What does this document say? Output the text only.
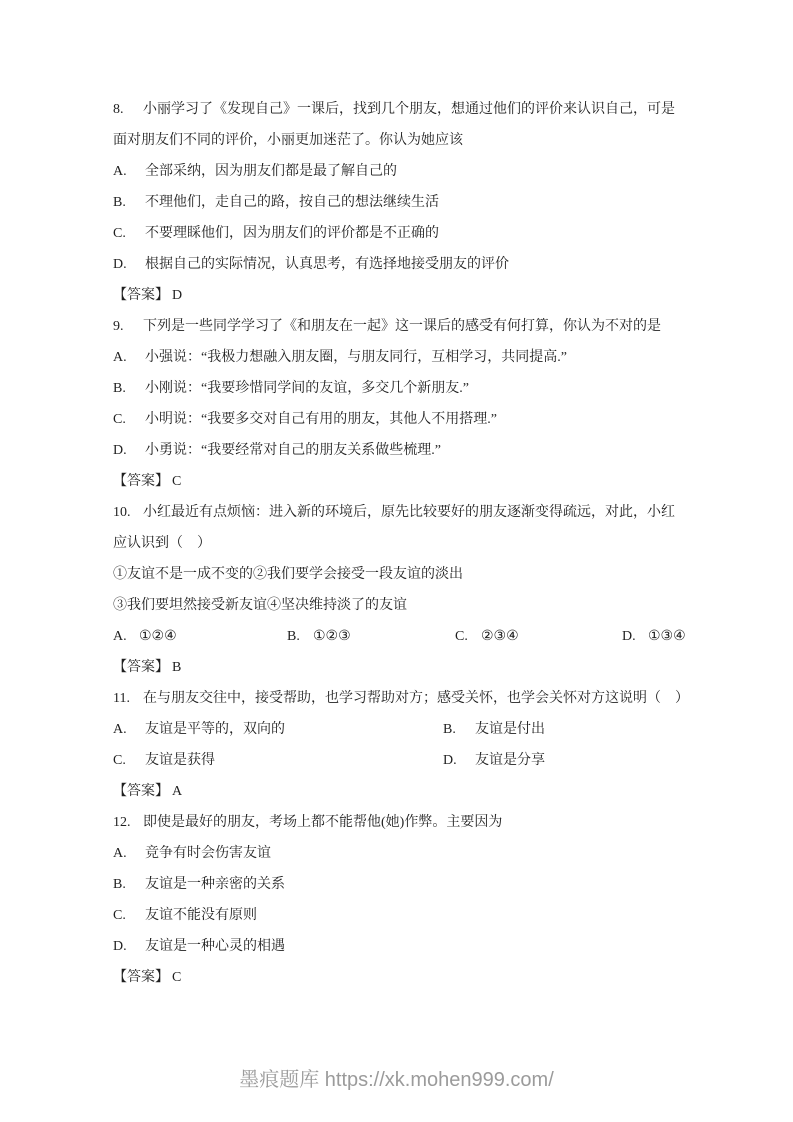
8. 小丽学习了《发现自己》一课后，找到几个朋友，想通过他们的评价来认识自己，可是
面对朋友们不同的评价，小丽更加迷茫了。你认为她应该
A. 全部采纳，因为朋友们都是最了解自己的
B. 不理他们，走自己的路，按自己的想法继续生活
C. 不要理睬他们，因为朋友们的评价都是不正确的
D. 根据自己的实际情况，认真思考，有选择地接受朋友的评价
【答案】 D
9. 下列是一些同学学习了《和朋友在一起》这一课后的感受有何打算，你认为不对的是
A. 小强说：“我极力想融入朋友圈，与朋友同行，互相学习，共同提高.”
B. 小刚说：“我要珍惜同学间的友谊，多交几个新朋友.”
C. 小明说：“我要多交对自己有用的朋友，其他人不用搭理.”
D. 小勇说：“我要经常对自己的朋友关系做些梳理.”
【答案】 C
10. 小红最近有点烦恼：进入新的环境后，原先比较要好的朋友逐渐变得疏远，对此，小红
应认识到（　）
①友谊不是一成不变的②我们要学会接受一段友谊的淡出
③我们要坦然接受新友谊④坚决维持淡了的友谊
A. ①②④	B. ①②③	C. ②③④	D. ①③④
【答案】 B
11. 在与朋友交往中，接受帮助，也学习帮助对方；感受关怀，也学会关怀对方这说明（　）
A. 友谊是平等的，双向的	B. 友谊是付出
C. 友谊是获得	D. 友谊是分享
【答案】 A
12. 即使是最好的朋友，考场上都不能帮他(她)作弊。主要因为
A. 竞争有时会伤害友谊
B. 友谊是一种亲密的关系
C. 友谊不能没有原则
D. 友谊是一种心灵的相遇
【答案】 C
墨痕题库 https://xk.mohen999.com/
